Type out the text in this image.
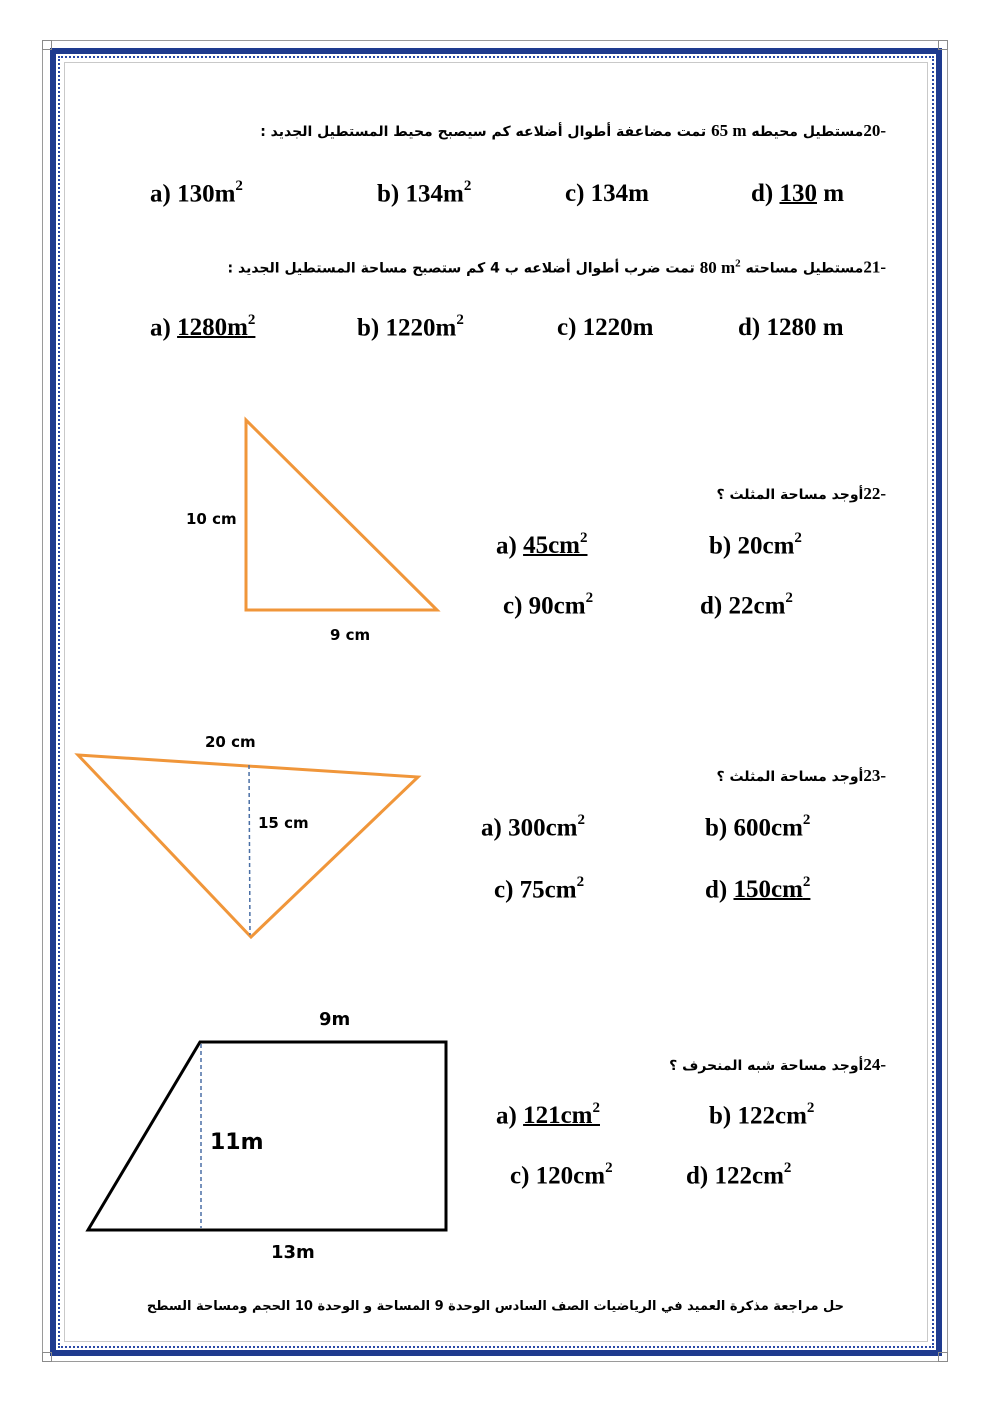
-20مستطيل محيطه 65 m تمت مضاعفة أطوال أضلاعه كم سيصبح محيط المستطيل الجديد :
a) $130m^2$	b) $134m^2$	c) 134m	d) 130 m
-21مستطيل مساحته 80 $m^2$ تمت ضرب أطوال أضلاعه ب 4 كم ستصبح مساحة المستطيل الجديد :
a) $1280m^2$	b) $1220m^2$	c) 1220m	d) 1280 m
10 cm
9 cm
-22أوجد مساحة المثلث ؟
a) $45cm^2$	b) $20cm^2$
c) $90cm^2$	d) $22cm^2$
20 cm
15 cm
-23أوجد مساحة المثلث ؟
a) $300cm^2$	b) $600cm^2$
c) $75cm^2$	d) $150cm^2$
9m
11m
13m
-24أوجد مساحة شبه المنحرف ؟
a) $121cm^2$	b) $122cm^2$
c) $120cm^2$	d) $122cm^2$
حل مراجعة مذكرة العميد في الرياضيات الصف السادس الوحدة 9 المساحة و الوحدة 10 الحجم ومساحة السطح
